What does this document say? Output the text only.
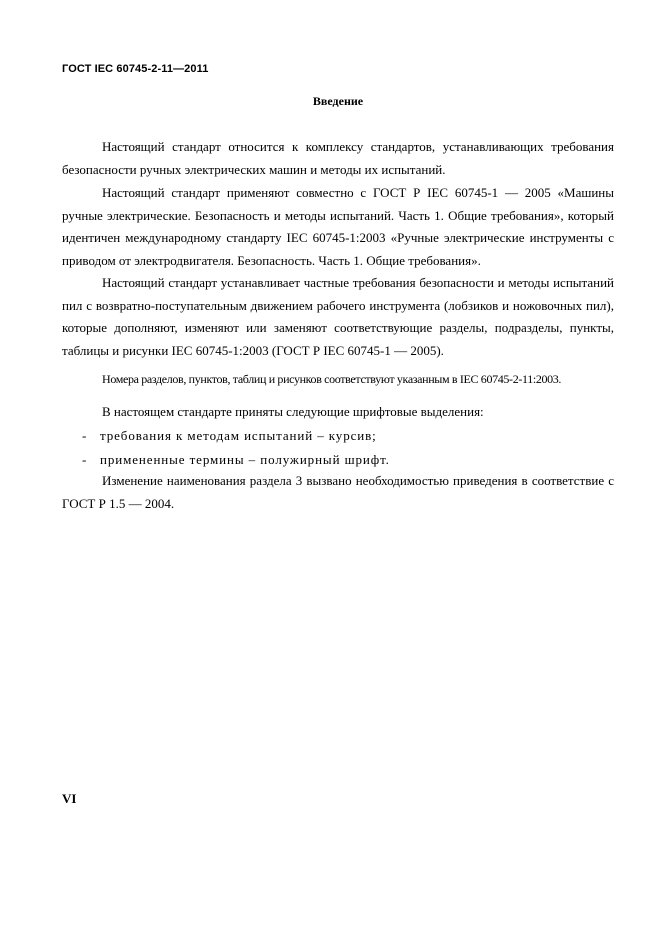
ГОСТ IEC 60745-2-11—2011
Введение

Настоящий стандарт относится к комплексу стандартов, устанавливающих требования безопасности ручных электрических машин и методы их испытаний.

Настоящий стандарт применяют совместно с ГОСТ Р IEC 60745-1 — 2005 «Машины ручные электрические. Безопасность и методы испытаний. Часть 1. Общие требования», который идентичен международному стандарту IEC 60745-1:2003 «Ручные электрические инструменты с приводом от электродвигателя. Безопасность. Часть 1. Общие требования».

Настоящий стандарт устанавливает частные требования безопасности и методы испытаний пил с возвратно-поступательным движением рабочего инструмента (лобзиков и ножовочных пил), которые дополняют, изменяют или заменяют соответствующие разделы, подразделы, пункты, таблицы и рисунки IEC 60745-1:2003 (ГОСТ Р IEC 60745-1 — 2005).

Номера разделов, пунктов, таблиц и рисунков соответствуют указанным в IEC 60745-2-11:2003.

В настоящем стандарте приняты следующие шрифтовые выделения:

- требования к методам испытаний – курсив;
- примененные термины – полужирный шрифт.

Изменение наименования раздела 3 вызвано необходимостью приведения в соответствие с ГОСТ Р 1.5 — 2004.

VI
